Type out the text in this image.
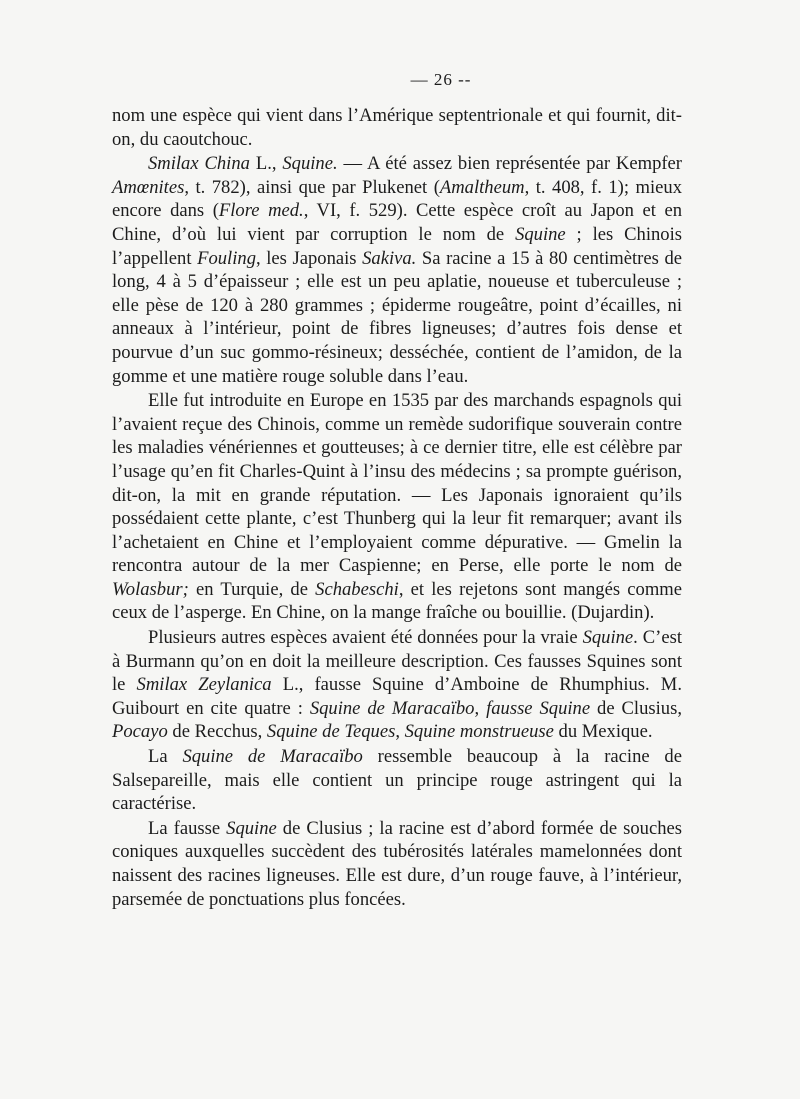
— 26 --

nom une espèce qui vient dans l’Amérique septentrionale et qui fournit, dit-on, du caoutchouc.

Smilax China L., Squine. — A été assez bien représentée par Kempfer Amœnites, t. 782), ainsi que par Plukenet (Amaltheum, t. 408, f. 1); mieux encore dans (Flore med., VI, f. 529). Cette espèce croît au Japon et en Chine, d’où lui vient par corruption le nom de Squine ; les Chinois l’appellent Fouling, les Japonais Sakiva. Sa racine a 15 à 80 centimètres de long, 4 à 5 d’épaisseur ; elle est un peu aplatie, noueuse et tuberculeuse ; elle pèse de 120 à 280 grammes ; épiderme rougeâtre, point d’écailles, ni anneaux à l’intérieur, point de fibres ligneuses; d’autres fois dense et pourvue d’un suc gommo-résineux; desséchée, contient de l’amidon, de la gomme et une matière rouge soluble dans l’eau.

Elle fut introduite en Europe en 1535 par des marchands espagnols qui l’avaient reçue des Chinois, comme un remède sudorifique souverain contre les maladies vénériennes et goutteuses; à ce dernier titre, elle est célèbre par l’usage qu’en fit Charles-Quint à l’insu des médecins ; sa prompte guérison, dit-on, la mit en grande réputation. — Les Japonais ignoraient qu’ils possédaient cette plante, c’est Thunberg qui la leur fit remarquer; avant ils l’achetaient en Chine et l’employaient comme dépurative. — Gmelin la rencontra autour de la mer Caspienne; en Perse, elle porte le nom de Wolasbur; en Turquie, de Schabeschi, et les rejetons sont mangés comme ceux de l’asperge. En Chine, on la mange fraîche ou bouillie. (Dujardin).

Plusieurs autres espèces avaient été données pour la vraie Squine. C’est à Burmann qu’on en doit la meilleure description. Ces fausses Squines sont le Smilax Zeylanica L., fausse Squine d’Amboine de Rhumphius. M. Guibourt en cite quatre : Squine de Maracaïbo, fausse Squine de Clusius, Pocayo de Recchus, Squine de Teques, Squine monstrueuse du Mexique.

La Squine de Maracaïbo ressemble beaucoup à la racine de Salsepareille, mais elle contient un principe rouge astringent qui la caractérise.

La fausse Squine de Clusius ; la racine est d’abord formée de souches coniques auxquelles succèdent des tubérosités latérales mamelonnées dont naissent des racines ligneuses. Elle est dure, d’un rouge fauve, à l’intérieur, parsemée de ponctuations plus foncées.
